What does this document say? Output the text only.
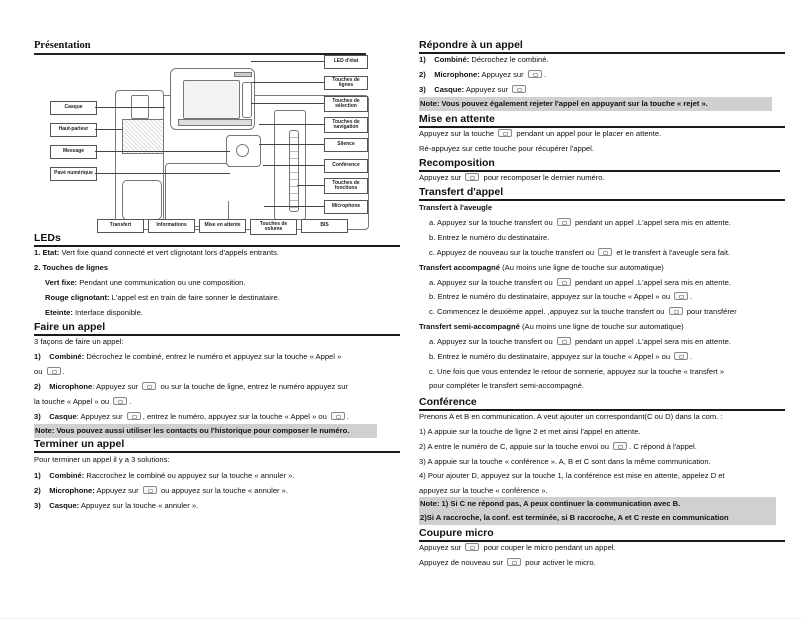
Présentation
Casque
Haut-parleur
Message
Pavé numérique
LED d'état
Touches de lignes
Touches de sélection
Touches de navigation
Silence
Conférence
Touches de fonctions
Microphone
Transfert	Informations	Mise en attente	Touches de volume
BIS
LEDs
1. Etat: Vert fixe quand connecté et vert clignotant lors d'appels entrants.
2. Touches de lignes
Vert fixe: Pendant une communication ou une composition.
Rouge clignotant: L'appel est en train de faire sonner le destinataire.
Eteinte: Interface disponible.
Faire un appel
3 façons de faire un appel:
1) Combiné: Décrochez le combiné, entrez le numéro et appuyez sur la touche « Appel »
ou	.
2) Microphone: Appuyez sur	ou sur la touche de ligne, entrez le numéro appuyez sur
la touche « Appel » ou	.
3) Casque: Appuyez sur	, entrez le numéro, appuyez sur la touche « Appel » ou	.
Note: Vous pouvez aussi utiliser les contacts ou l'historique pour composer le numéro.
Terminer un appel
Pour terminer un appel il y a 3 solutions:
1) Combiné: Raccrochez le combiné ou appuyez sur la touche « annuler ».
2) Microphone: Appuyez sur	ou appuyez sur la touche « annuler ».
3) Casque: Appuyez sur la touche « annuler ».
Répondre à un appel
1) Combiné: Décrochez le combiné.
2) Microphone: Appuyez sur	.
3) Casque: Appuyez sur
Note: Vous pouvez également rejeter l'appel en appuyant sur la touche « rejet ».
Mise en attente
Appuyez sur la touche	pendant un appel pour le placer en attente.
Ré-appuyez sur cette touche pour récupérer l'appel.
Recomposition
Appuyez sur	pour recomposer le dernier numéro.
Transfert d'appel
Transfert à l'aveugle
a. Appuyez sur la touche transfert ou	pendant un appel .L'appel sera mis en attente.
b. Entrez le numéro du destinataire.
c. Appuyez de nouveau sur la touche transfert ou	et le transfert à l'aveugle sera fait.
Transfert accompagné (Au moins une ligne de touche sur automatique)
a. Appuyez sur la touche transfert ou	pendant un appel .L'appel sera mis en attente.
b. Entrez le numéro du destinataire, appuyez sur la touche « Appel » ou	.
c. Commencez le deuxième appel. ,appuyez sur la touche transfert ou	pour transférer
Transfert semi-accompagné (Au moins une ligne de touche sur automatique)
a. Appuyez sur la touche transfert ou	pendant un appel .L'appel sera mis en attente.
b. Entrez le numéro du destinataire, appuyez sur la touche « Appel » ou	.
c. Une fois que vous entendez le retour de sonnerie, appuyez sur la touche « transfert »
pour compléter le transfert semi-accompagné.
Conférence
Prenons A et B en communication. A veut ajouter un correspondant(C ou D) dans la com. :
1) A appuie sur la touche de ligne 2 et met ainsi l'appel en attente.
2) A entre le numéro de C, appuie sur la touche envoi ou	. C répond à l'appel.
3) A appuie sur la touche « conférence ». A, B et C sont dans la même communication.
4) Pour ajouter D, appuyez sur la touche 1, la conférence est mise en attente, appelez D et
appuyez sur la touche « conférence ».
Note: 1) Si C ne répond pas, A peux continuer la communication avec B.
2)Si A raccroche, la conf. est terminée, si B raccroche, A et C reste en communication
Coupure micro
Appuyez sur	pour couper le micro pendant un appel.
Appuyez de nouveau sur	pour activer le micro.
